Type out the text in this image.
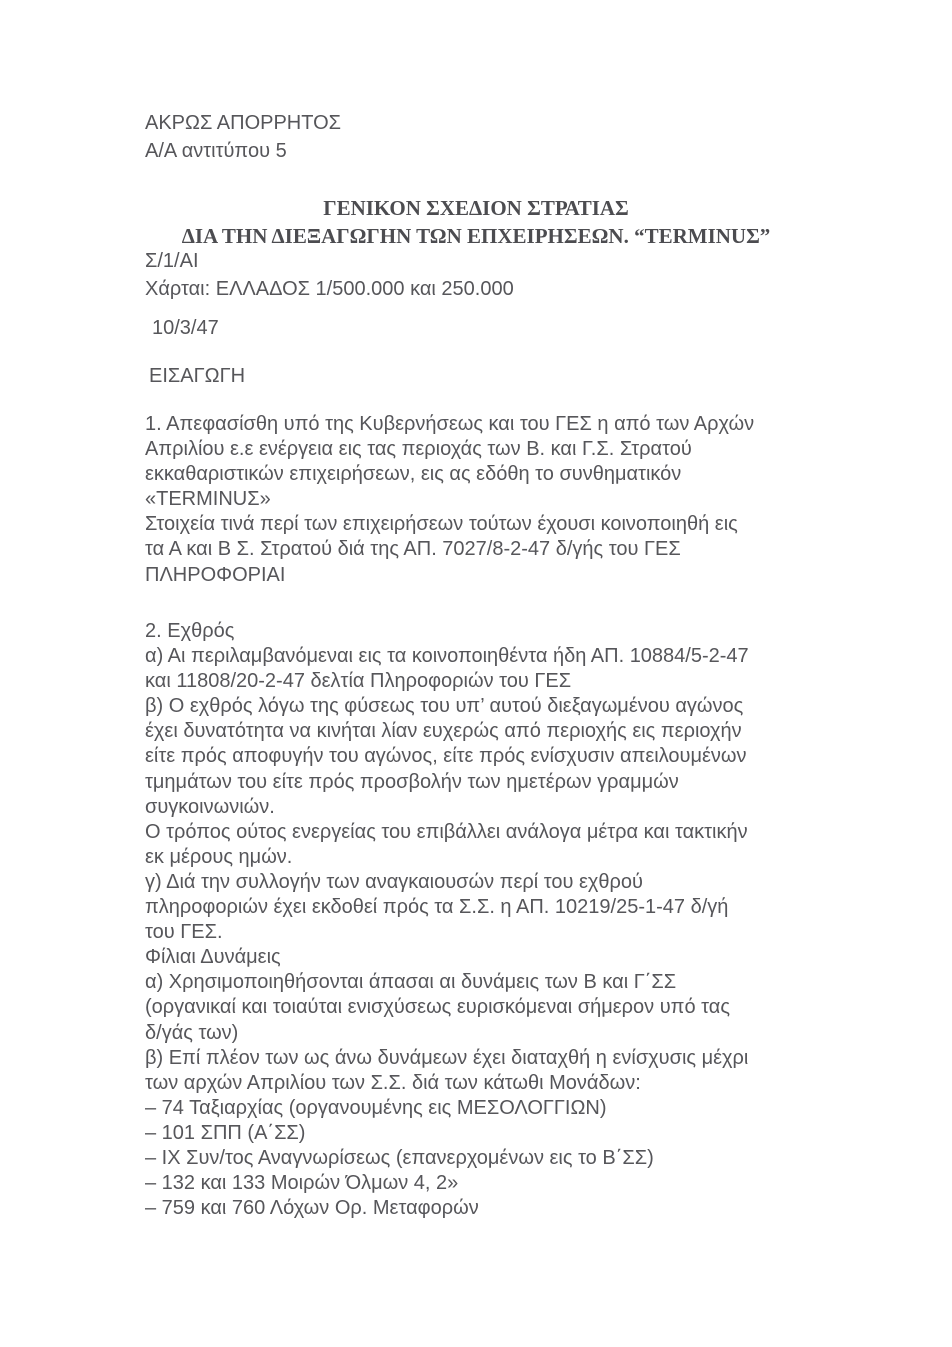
ΑΚΡΩΣ ΑΠΟΡΡΗΤΟΣ
Α/Α αντιτύπου 5
ΓΕΝΙΚΟΝ ΣΧΕΔΙΟΝ ΣΤΡΑΤΙΑΣ
ΔΙΑ ΤΗΝ ΔΙΕΞΑΓΩΓΗΝ ΤΩΝ ΕΠΧΕΙΡΗΣΕΩΝ. “TERMINUΣ”
Σ/1/ΑΙ
Χάρται: ΕΛΛΑΔΟΣ 1/500.000 και 250.000
10/3/47
ΕΙΣΑΓΩΓΗ
1. Απεφασίσθη υπό της Κυβερνήσεως και του ΓΕΣ η από των Αρχών
Απριλίου ε.ε ενέργεια εις τας περιοχάς των Β. και Γ.Σ. Στρατού
εκκαθαριστικών επιχειρήσεων, εις ας εδόθη το συνθηματικόν
«TERMINUΣ»
Στοιχεία τινά περί των επιχειρήσεων τούτων έχουσι κοινοποιηθή εις
τα Α και Β Σ. Στρατού διά της ΑΠ. 7027/8-2-47 δ/γής του ΓΕΣ
ΠΛΗΡΟΦΟΡΙΑΙ
2. Εχθρός
α) Αι περιλαμβανόμεναι εις τα κοινοποιηθέντα ήδη ΑΠ. 10884/5-2-47
και 11808/20-2-47 δελτία Πληροφοριών του ΓΕΣ
β) Ο εχθρός λόγω της φύσεως του υπ’ αυτού διεξαγωμένου αγώνος
έχει δυνατότητα να κινήται λίαν ευχερώς από περιοχής εις περιοχήν
είτε πρός αποφυγήν του αγώνος, είτε πρός ενίσχυσιν απειλουμένων
τμημάτων του είτε πρός προσβολήν των ημετέρων γραμμών
συγκοινωνιών.
Ο τρόπος ούτος ενεργείας του επιβάλλει ανάλογα μέτρα και τακτικήν
εκ μέρους ημών.
γ) Διά την συλλογήν των αναγκαιουσών περί του εχθρού
πληροφοριών έχει εκδοθεί πρός τα Σ.Σ. η ΑΠ. 10219/25-1-47 δ/γή
του ΓΕΣ.
Φίλιαι Δυνάμεις
α) Χρησιμοποιηθήσονται άπασαι αι δυνάμεις των Β και Γ΄ΣΣ
(οργανικαί και τοιαύται ενισχύσεως ευρισκόμεναι σήμερον υπό τας
δ/γάς των)
β) Επί πλέον των ως άνω δυνάμεων έχει διαταχθή η ενίσχυσις μέχρι
των αρχών Απριλίου των Σ.Σ. διά των κάτωθι Μονάδων:
– 74 Ταξιαρχίας (οργανουμένης εις ΜΕΣΟΛΟΓΓΙΩΝ)
– 101 ΣΠΠ (Α΄ΣΣ)
– ΙΧ Συν/τος Αναγνωρίσεως (επανερχομένων εις το Β΄ΣΣ)
– 132 και 133 Μοιρών Όλμων 4, 2»
– 759 και 760 Λόχων Ορ. Μεταφορών
